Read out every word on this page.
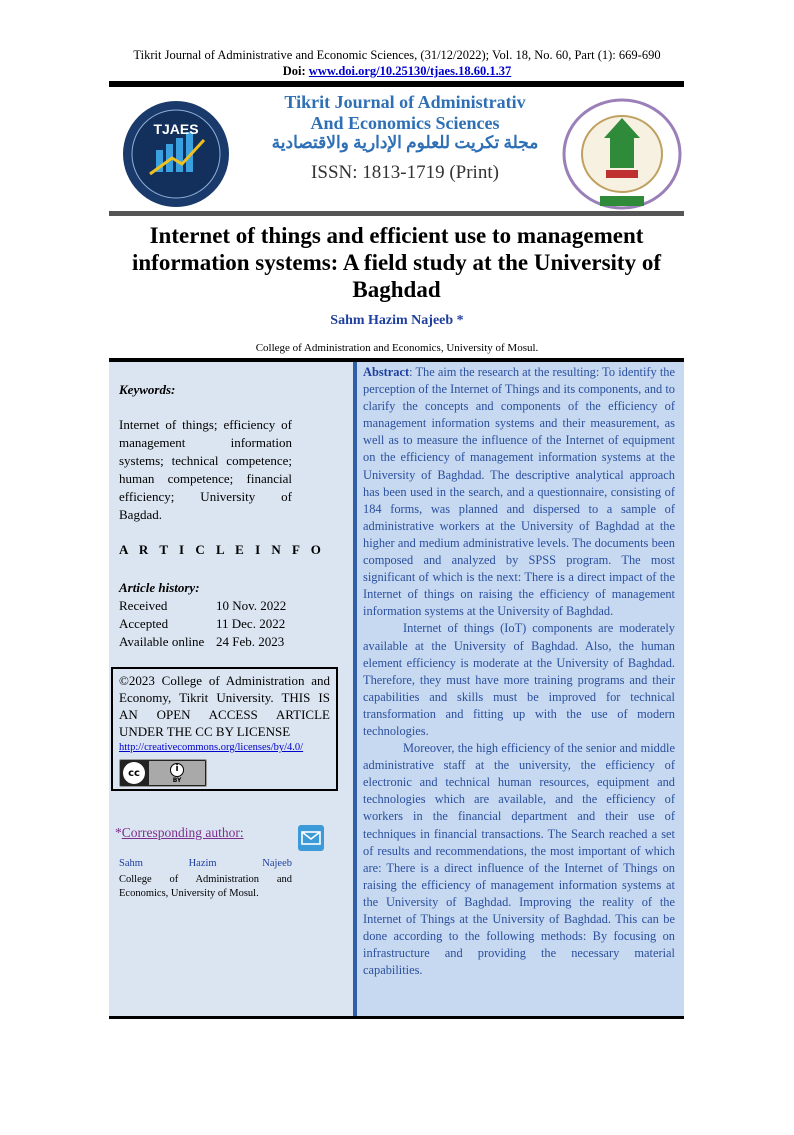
Tikrit Journal of Administrative and Economic Sciences, (31/12/2022); Vol. 18, No. 60, Part (1): 669-690
Doi: www.doi.org/10.25130/tjaes.18.60.1.37
TJAES
Tikrit Journal of Administrativ
And Economics Sciences
مجلة تكريت للعلوم الإدارية والاقتصادية
ISSN: 1813-1719 (Print)
Internet of things and efficient use to management information systems: A field study at the University of Baghdad
Sahm Hazim Najeeb *
College of Administration and Economics, University of Mosul.
Keywords:
Internet of things; efficiency of management information systems; technical competence; human competence; financial efficiency; University of Bagdad.
A R T I C L E I N F O
Article history:
Received	10 Nov. 2022
Accepted	11 Dec. 2022
Available online 24 Feb. 2023
©2023 College of Administration and Economy, Tikrit University. THIS IS AN OPEN ACCESS ARTICLE UNDER THE CC BY LICENSE
http://creativecommons.org/licenses/by/4.0/
cc	i
BY
*Corresponding author:
Sahm Hazim Najeeb
College of Administration and Economics, University of Mosul.

Abstract: The aim the research at the resulting: To identify the perception of the Internet of Things and its components, and to clarify the concepts and components of the efficiency of management information systems and their measurement, as well as to measure the influence of the Internet of equipment on the efficiency of management information systems at the University of Baghdad. The descriptive analytical approach has been used in the search, and a questionnaire, consisting of 184 forms, was planned and dispersed to a sample of administrative workers at the University of Baghdad at the higher and medium administrative levels. The documents been composed and analyzed by SPSS program. The most significant of which is the next: There is a direct impact of the Internet of things on raising the efficiency of management information systems at the University of Baghdad.

Internet of things (IoT) components are moderately available at the University of Baghdad. Also, the human element efficiency is moderate at the University of Baghdad. Therefore, they must have more training programs and their capabilities and skills must be improved for technical transformation and fitting up with the use of modern technologies.

Moreover, the high efficiency of the senior and middle administrative staff at the university, the efficiency of electronic and technical human resources, equipment and technologies which are available, and the efficiency of workers in the financial department and their use of techniques in financial transactions. The Search reached a set of results and recommendations, the most important of which are: There is a direct influence of the Internet of Things on raising the efficiency of management information systems at the University of Baghdad. Improving the reality of the Internet of Things at the University of Baghdad. This can be done according to the following methods: By focusing on infrastructure and providing the necessary material capabilities.
